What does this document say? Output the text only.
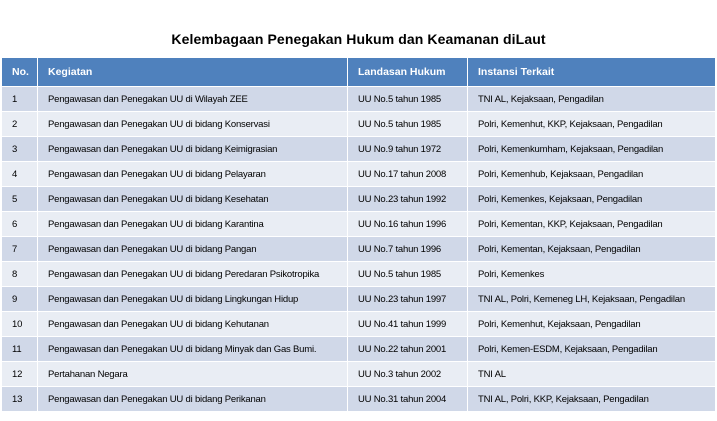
Kelembagaan Penegakan Hukum dan Keamanan diLaut
No.	Kegiatan	Landasan Hukum	Instansi Terkait
1	Pengawasan dan Penegakan UU di Wilayah ZEE	UU No.5 tahun 1985	TNI AL, Kejaksaan, Pengadilan
2	Pengawasan dan Penegakan UU di bidang Konservasi	UU No.5 tahun 1985	Polri, Kemenhut, KKP, Kejaksaan, Pengadilan
3	Pengawasan dan Penegakan UU di bidang Keimigrasian	UU No.9 tahun 1972	Polri, Kemenkumham, Kejaksaan, Pengadilan
4	Pengawasan dan Penegakan UU di bidang Pelayaran	UU No.17 tahun 2008	Polri, Kemenhub, Kejaksaan, Pengadilan
5	Pengawasan dan Penegakan UU di bidang Kesehatan	UU No.23 tahun 1992	Polri, Kemenkes, Kejaksaan, Pengadilan
6	Pengawasan dan Penegakan UU di bidang Karantina	UU No.16 tahun 1996	Polri, Kementan, KKP, Kejaksaan, Pengadilan
7	Pengawasan dan Penegakan UU di bidang Pangan	UU No.7 tahun 1996	Polri, Kementan, Kejaksaan, Pengadilan
8	Pengawasan dan Penegakan UU di bidang Peredaran Psikotropika	UU No.5 tahun 1985	Polri, Kemenkes
9	Pengawasan dan Penegakan UU di bidang Lingkungan Hidup	UU No.23 tahun 1997	TNI AL, Polri, Kemeneg LH, Kejaksaan, Pengadilan
10	Pengawasan dan Penegakan UU di bidang Kehutanan	UU No.41 tahun 1999	Polri, Kemenhut, Kejaksaan, Pengadilan
11	Pengawasan dan Penegakan UU di bidang Minyak dan Gas Bumi.	UU No.22 tahun 2001	Polri, Kemen-ESDM, Kejaksaan, Pengadilan
12	Pertahanan Negara	UU No.3 tahun 2002	TNI AL
13	Pengawasan dan Penegakan UU di bidang Perikanan	UU No.31 tahun 2004	TNI AL, Polri, KKP, Kejaksaan, Pengadilan
